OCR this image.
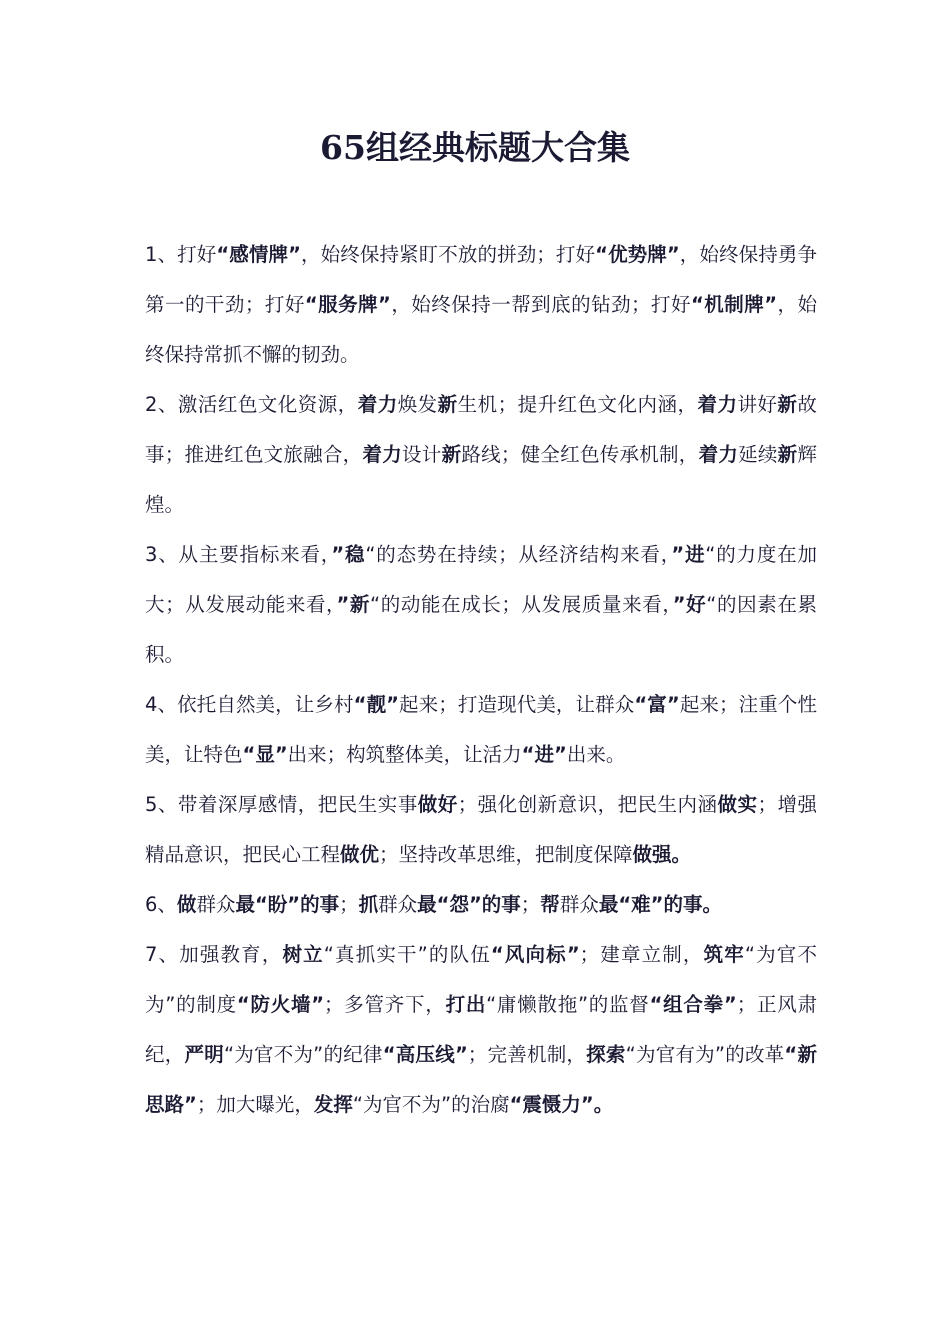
65组经典标题大合集

1、打好“感情牌”，始终保持紧盯不放的拼劲；打好“优势牌”，始终保持勇争第一的干劲；打好“服务牌”，始终保持一帮到底的钻劲；打好“机制牌”，始终保持常抓不懈的韧劲。

2、激活红色文化资源，着力焕发新生机；提升红色文化内涵，着力讲好新故事；推进红色文旅融合，着力设计新路线；健全红色传承机制，着力延续新辉煌。

3、从主要指标来看，”稳“的态势在持续；从经济结构来看，”进“的力度在加大；从发展动能来看，”新“的动能在成长；从发展质量来看，”好“的因素在累积。

4、依托自然美，让乡村“靓”起来；打造现代美，让群众“富”起来；注重个性美，让特色“显”出来；构筑整体美，让活力“进”出来。

5、带着深厚感情，把民生实事做好；强化创新意识，把民生内涵做实；增强精品意识，把民心工程做优；坚持改革思维，把制度保障做强。

6、做群众最“盼”的事；抓群众最“怨”的事；帮群众最“难”的事。

7、加强教育，树立“真抓实干”的队伍“风向标”；建章立制，筑牢“为官不为”的制度“防火墙”；多管齐下，打出“庸懒散拖”的监督“组合拳”；正风肃纪，严明“为官不为”的纪律“高压线”；完善机制，探索“为官有为”的改革“新思路”；加大曝光，发挥“为官不为”的治腐“震慑力”。
